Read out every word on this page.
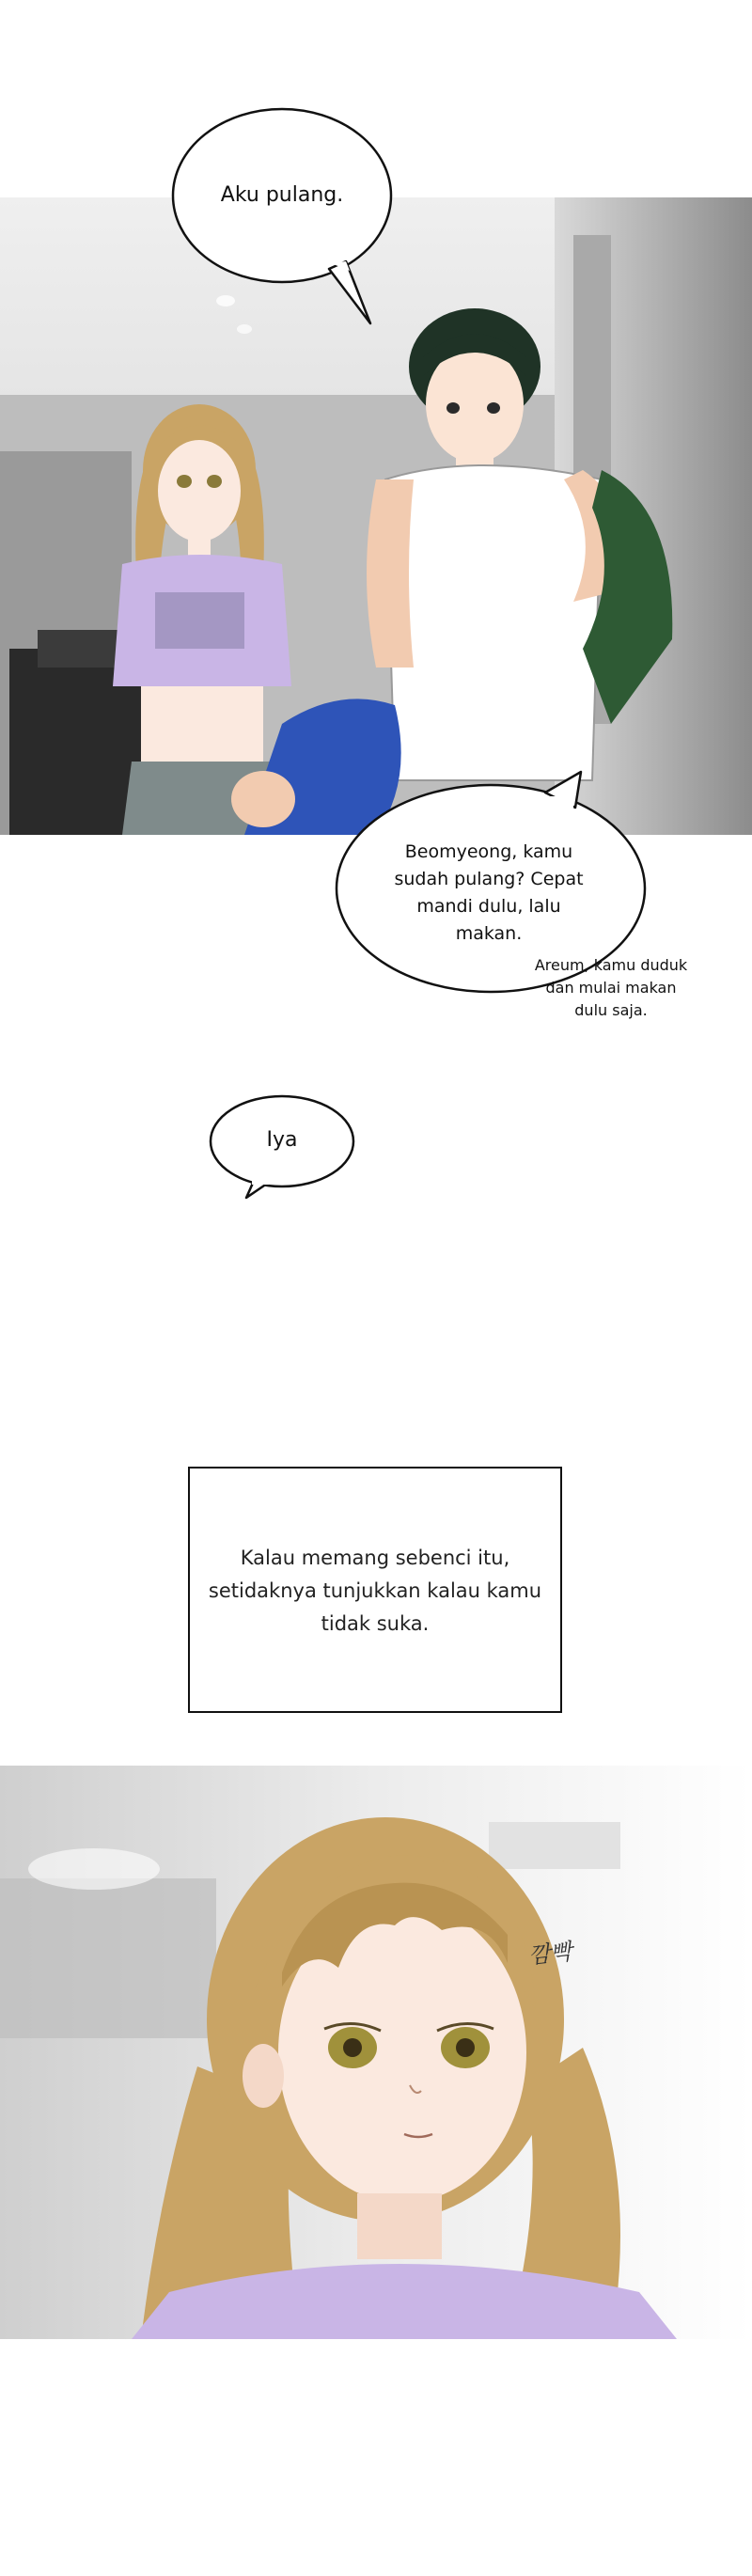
Aku pulang.
Beomyeong, kamu sudah pulang? Cepat mandi dulu, lalu makan.
Areum, kamu duduk dan mulai makan dulu saja.
Iya
Kalau memang sebenci itu, setidaknya tunjukkan kalau kamu tidak suka.
깜빡
